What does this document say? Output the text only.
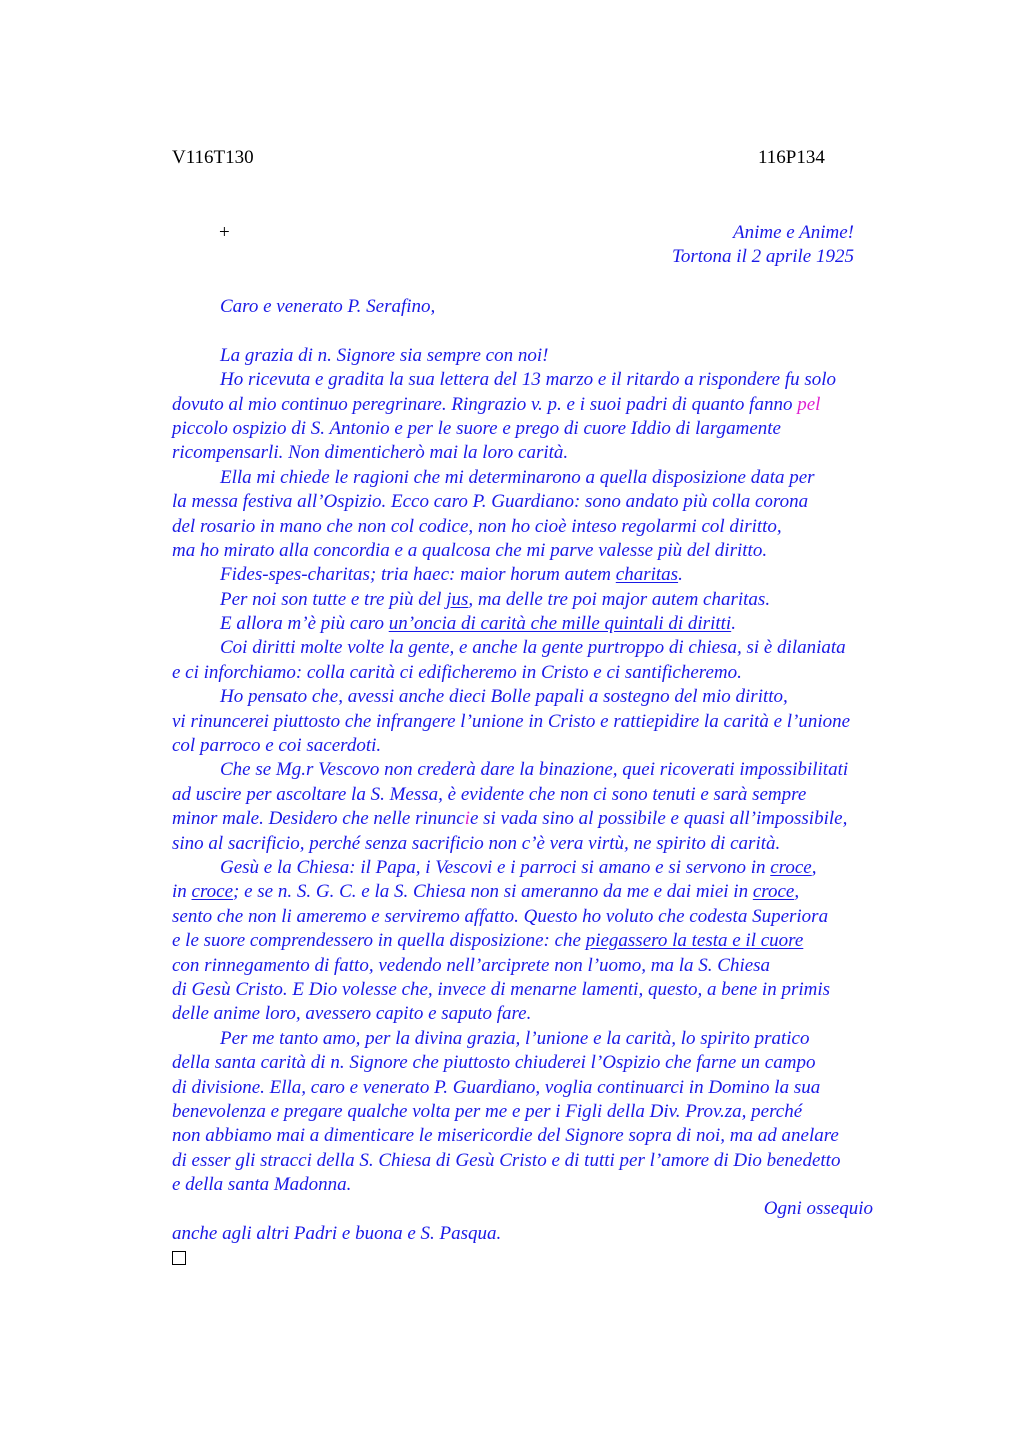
V116T130	116P134
+	Anime e Anime!
Tortona il 2 aprile 1925
Caro e venerato P. Serafino,
La grazia di n. Signore sia sempre con noi!
Ho ricevuta e gradita la sua lettera del 13 marzo e il ritardo a rispondere fu solo
dovuto al mio continuo peregrinare. Ringrazio v. p. e i suoi padri di quanto fanno pel
piccolo ospizio di S. Antonio e per le suore e prego di cuore Iddio di largamente
ricompensarli. Non dimenticherò mai la loro carità.
Ella mi chiede le ragioni che mi determinarono a quella disposizione data per
la messa festiva all’Ospizio. Ecco caro P. Guardiano: sono andato più colla corona
del rosario in mano che non col codice, non ho cioè inteso regolarmi col diritto,
ma ho mirato alla concordia e a qualcosa che mi parve valesse più del diritto.
Fides-spes-charitas; tria haec: maior horum autem charitas.
Per noi son tutte e tre più del jus, ma delle tre poi major autem charitas.
E allora m’è più caro un’oncia di carità che mille quintali di diritti.
Coi diritti molte volte la gente, e anche la gente purtroppo di chiesa, si è dilaniata
e ci inforchiamo: colla carità ci edificheremo in Cristo e ci santificheremo.
Ho pensato che, avessi anche dieci Bolle papali a sostegno del mio diritto,
vi rinuncerei piuttosto che infrangere l’unione in Cristo e rattiepidire la carità e l’unione
col parroco e coi sacerdoti.
Che se Mg.r Vescovo non crederà dare la binazione, quei ricoverati impossibilitati
ad uscire per ascoltare la S. Messa, è evidente che non ci sono tenuti e sarà sempre
minor male. Desidero che nelle rinuncie si vada sino al possibile e quasi all’impossibile,
sino al sacrificio, perché senza sacrificio non c’è vera virtù, ne spirito di carità.
Gesù e la Chiesa: il Papa, i Vescovi e i parroci si amano e si servono in croce,
in croce; e se n. S. G. C. e la S. Chiesa non si ameranno da me e dai miei in croce,
sento che non li ameremo e serviremo affatto. Questo ho voluto che codesta Superiora
e le suore comprendessero in quella disposizione: che piegassero la testa e il cuore
con rinnegamento di fatto, vedendo nell’arciprete non l’uomo, ma la S. Chiesa
di Gesù Cristo. E Dio volesse che, invece di menarne lamenti, questo, a bene in primis
delle anime loro, avessero capito e saputo fare.
Per me tanto amo, per la divina grazia, l’unione e la carità, lo spirito pratico
della santa carità di n. Signore che piuttosto chiuderei l’Ospizio che farne un campo
di divisione. Ella, caro e venerato P. Guardiano, voglia continuarci in Domino la sua
benevolenza e pregare qualche volta per me e per i Figli della Div. Prov.za, perché
non abbiamo mai a dimenticare le misericordie del Signore sopra di noi, ma ad anelare
di esser gli stracci della S. Chiesa di Gesù Cristo e di tutti per l’amore di Dio benedetto
e della santa Madonna.
Ogni ossequio
anche agli altri Padri e buona e S. Pasqua.
